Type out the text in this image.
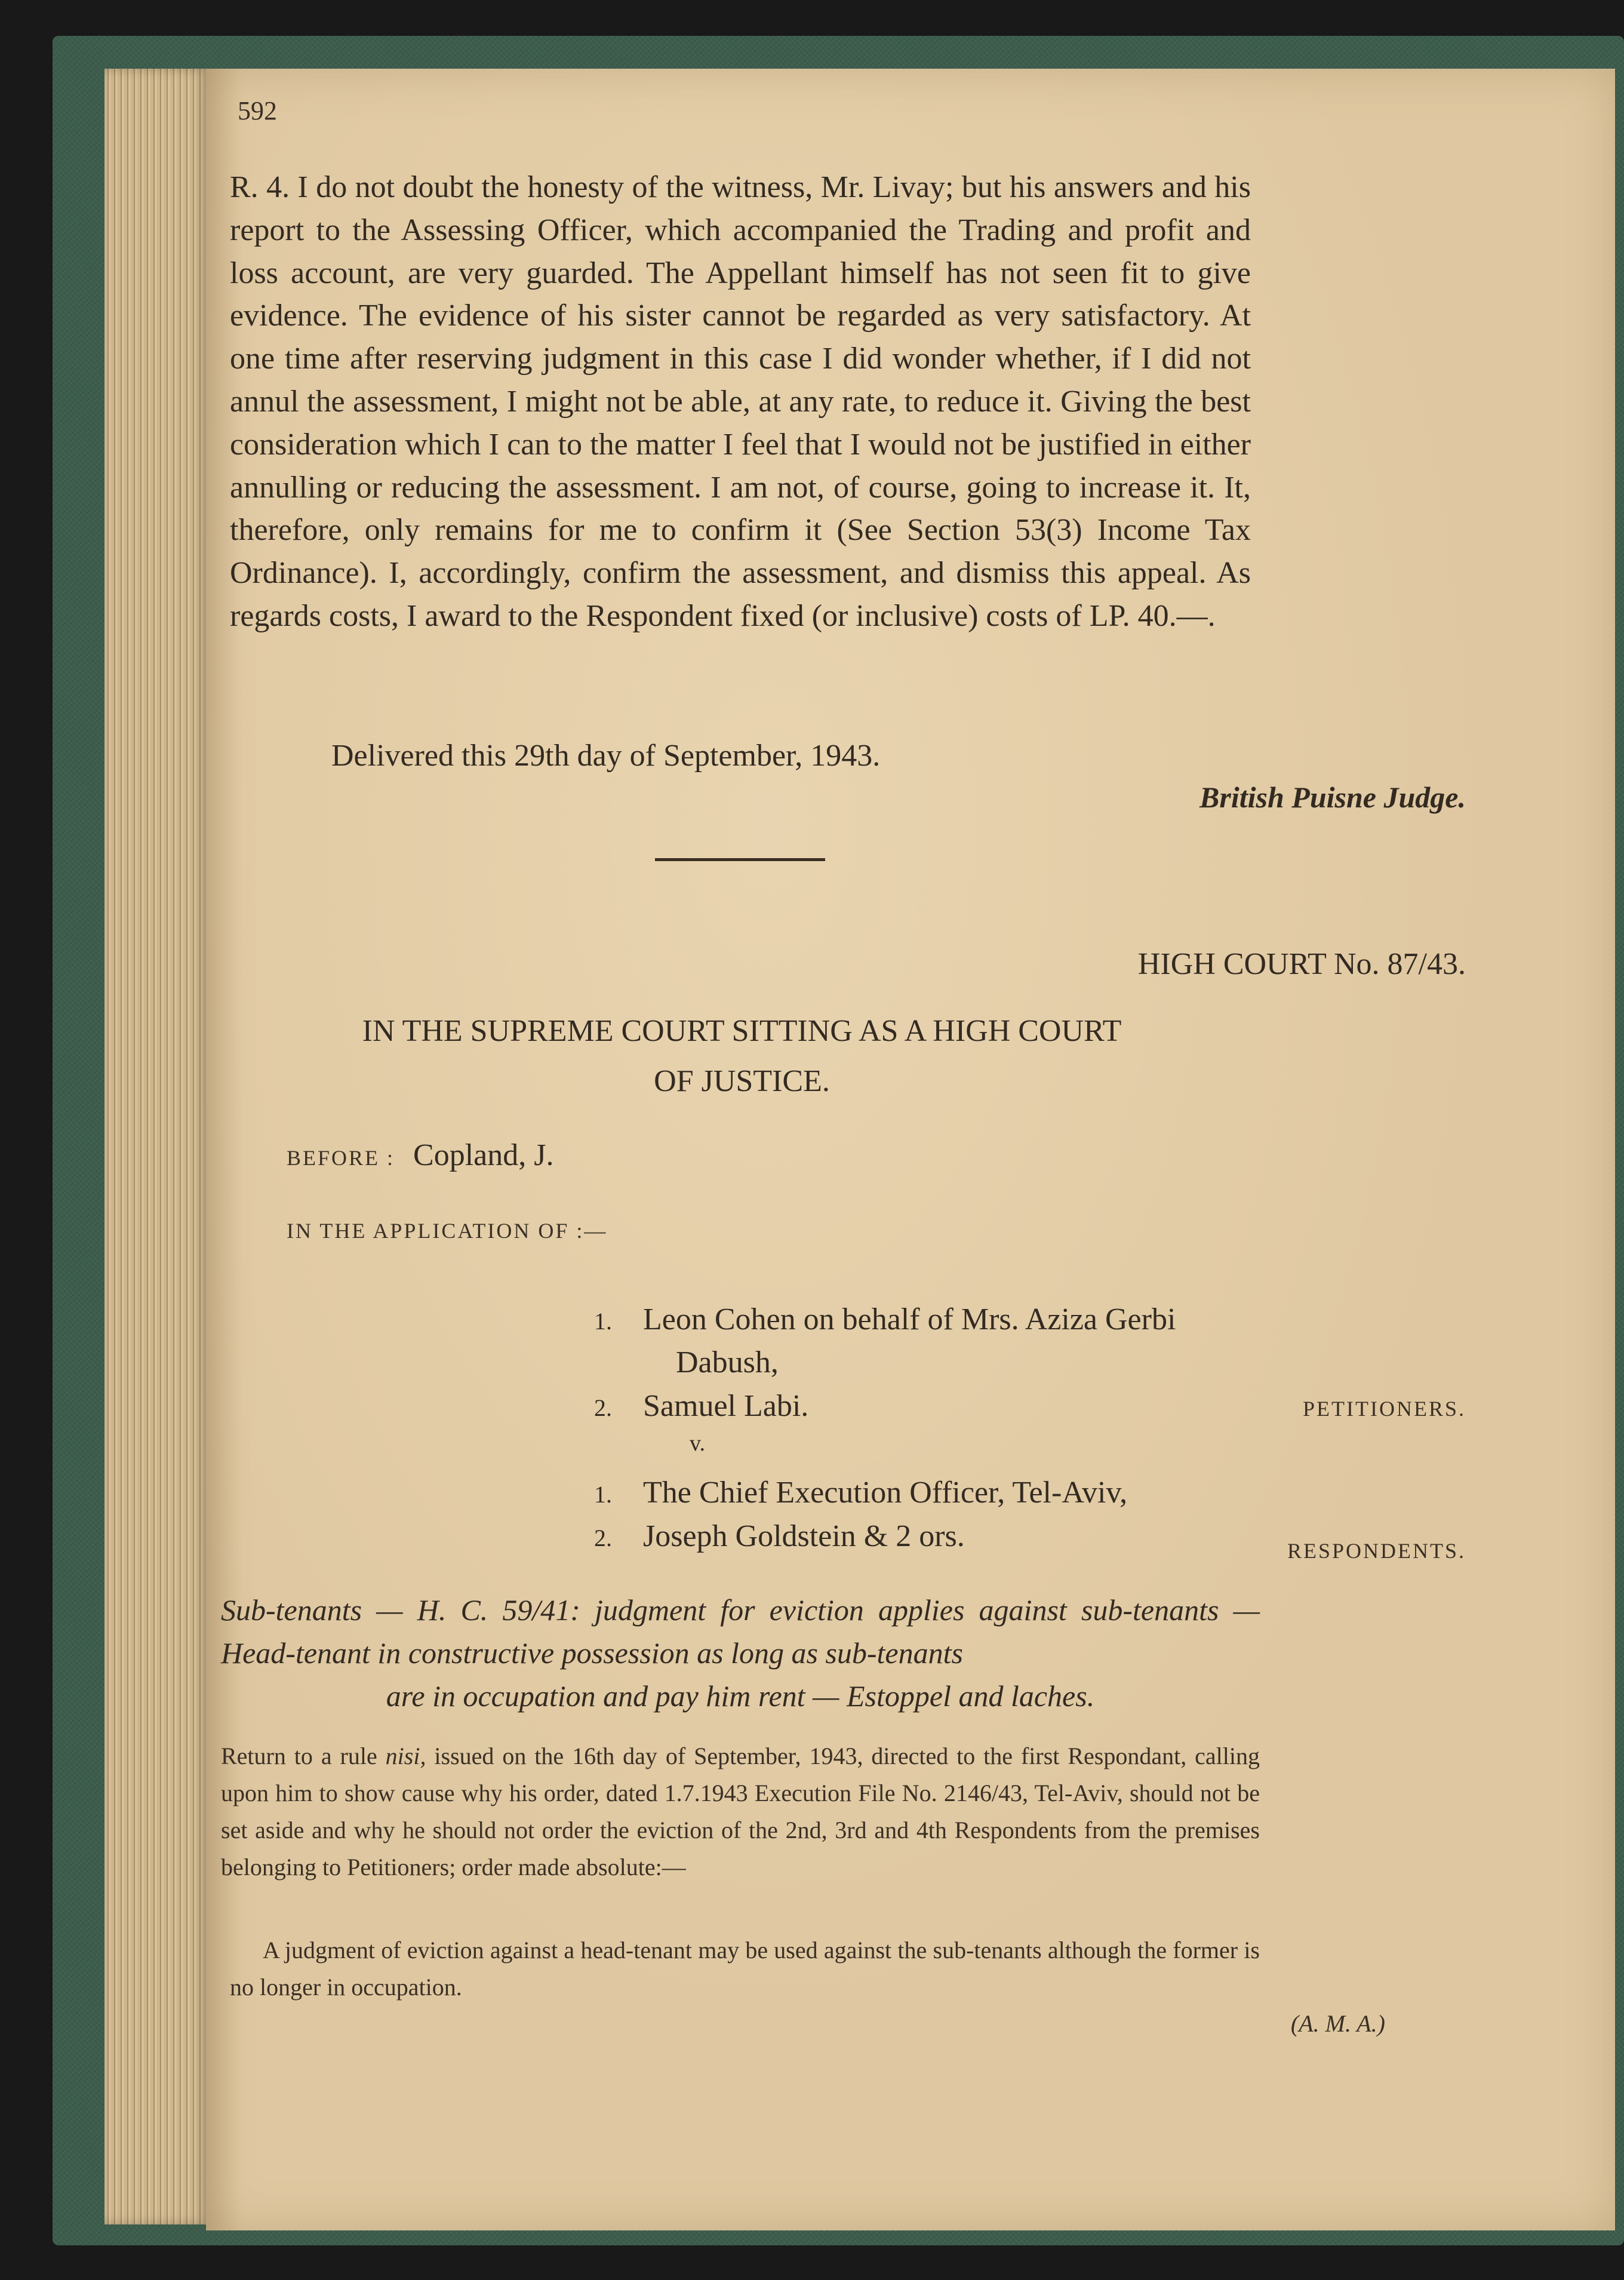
592

R. 4. I do not doubt the honesty of the witness, Mr. Livay; but his answers and his report to the Assessing Officer, which accompanied the Trading and profit and loss account, are very guarded. The Appellant himself has not seen fit to give evidence. The evidence of his sister cannot be regarded as very satisfactory. At one time after reserving judgment in this case I did wonder whether, if I did not annul the assessment, I might not be able, at any rate, to reduce it. Giving the best consideration which I can to the matter I feel that I would not be justified in either annulling or reducing the assessment. I am not, of course, going to increase it. It, therefore, only remains for me to confirm it (See Section 53(3) Income Tax Ordinance). I, accordingly, confirm the assessment, and dismiss this appeal. As regards costs, I award to the Respondent fixed (or inclusive) costs of LP. 40.—.

Delivered this 29th day of September, 1943.

British Puisne Judge.

HIGH COURT No. 87/43.

IN THE SUPREME COURT SITTING AS A HIGH COURT
OF JUSTICE.

BEFORE : Copland, J.

IN THE APPLICATION OF :—

1. Leon Cohen on behalf of Mrs. Aziza Gerbi

Dabush,

2. Samuel Labi.	PETITIONERS.

v.

1. The Chief Execution Officer, Tel-Aviv,

2. Joseph Goldstein & 2 ors.	RESPONDENTS.

Sub-tenants — H. C. 59/41: judgment for eviction applies against sub-tenants — Head-tenant in constructive possession as long as sub-tenants
are in occupation and pay him rent — Estoppel and laches.

Return to a rule nisi, issued on the 16th day of September, 1943, directed to the first Respondant, calling upon him to show cause why his order, dated 1.7.1943 Execution File No. 2146/43, Tel-Aviv, should not be set aside and why he should not order the eviction of the 2nd, 3rd and 4th Respondents from the premises belonging to Petitioners; order made absolute:—

A judgment of eviction against a head-tenant may be used against the sub-tenants although the former is no longer in occupation.

(A. M. A.)
